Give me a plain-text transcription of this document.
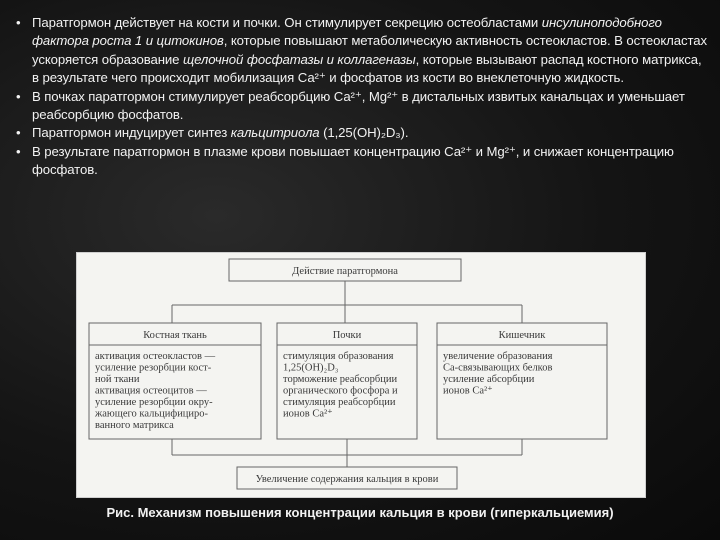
• Паратгормон действует на кости и почки. Он стимулирует секрецию остеобластами инсулиноподобного фактора роста 1 и цитокинов, которые повышают метаболическую активность остеокластов. В остеокластах ускоряется образование щелочной фосфатазы и коллагеназы, которые вызывают распад костного матрикса, в результате чего происходит мобилизация Са²⁺ и фосфатов из кости во внеклеточную жидкость.
• В почках паратгормон стимулирует реабсорбцию Са²⁺, Mg²⁺ в дистальных извитых канальцах и уменьшает реабсорбцию фосфатов.
• Паратгормон индуцирует синтез кальцитриола (1,25(OH)₂D₃).
• В результате паратгормон в плазме крови повышает концентрацию Са²⁺ и Mg²⁺, и снижает концентрацию фосфатов.
Действие паратгормона
Костная ткань	Почки	Кишечник
активация остеокластов —
усиление резорбции кост-
ной ткани
активация остеоцитов —
усиление резорбции окру-
жающего кальцифициро-
ванного матрикса
стимуляция образования
1,25(OH)₂D₃
торможение реабсорбции
органического фосфора и
стимуляция реабсорбции
ионов Ca²⁺
увеличение образования
Са-связывающих белков
усиление абсорбции
ионов Ca²⁺
Увеличение содержания кальция в крови
Рис. Механизм повышения концентрации кальция в крови (гиперкальциемия)
